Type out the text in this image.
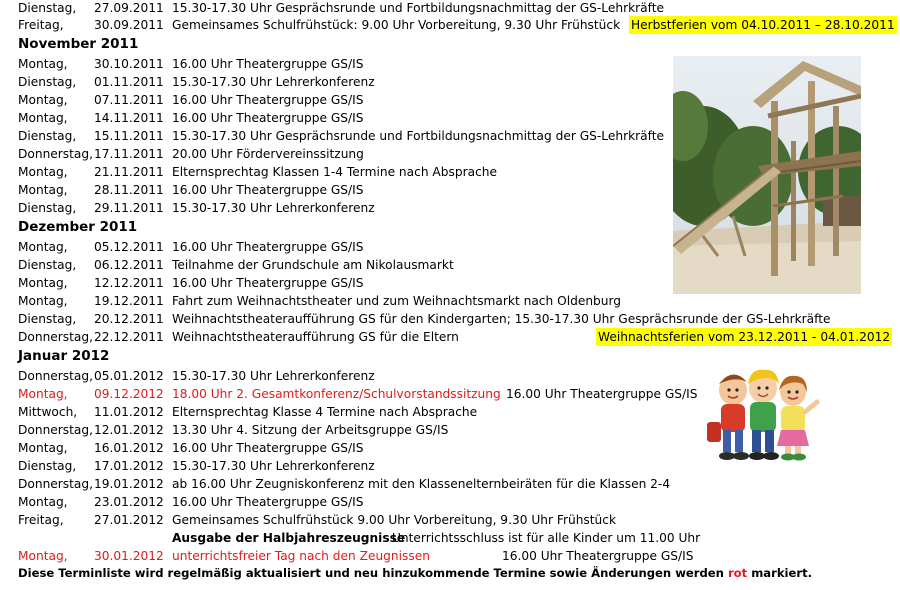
Dienstag, 27.09.2011 15.30-17.30 Uhr Gesprächsrunde und Fortbildungsnachmittag der GS-Lehrkräfte
Freitag, 30.09.2011 Gemeinsames Schulfrühstück: 9.00 Uhr Vorbereitung, 9.30 Uhr Frühstück Herbstferien vom 04.10.2011 – 28.10.2011
November 2011
Montag, 30.10.2011 16.00 Uhr Theatergruppe GS/IS
Dienstag, 01.11.2011 15.30-17.30 Uhr Lehrerkonferenz
Montag, 07.11.2011 16.00 Uhr Theatergruppe GS/IS
Montag, 14.11.2011 16.00 Uhr Theatergruppe GS/IS
Dienstag, 15.11.2011 15.30-17.30 Uhr Gesprächsrunde und Fortbildungsnachmittag der GS-Lehrkräfte
Donnerstag, 17.11.2011 20.00 Uhr Fördervereinssitzung
Montag, 21.11.2011 Elternsprechtag Klassen 1-4 Termine nach Absprache
Montag, 28.11.2011 16.00 Uhr Theatergruppe GS/IS
Dienstag, 29.11.2011 15.30-17.30 Uhr Lehrerkonferenz
Dezember 2011
Montag, 05.12.2011 16.00 Uhr Theatergruppe GS/IS
Dienstag, 06.12.2011 Teilnahme der Grundschule am Nikolausmarkt
Montag, 12.12.2011 16.00 Uhr Theatergruppe GS/IS
Montag, 19.12.2011 Fahrt zum Weihnachtstheater und zum Weihnachtsmarkt nach Oldenburg
Dienstag, 20.12.2011 Weihnachtstheateraufführung GS für den Kindergarten; 15.30-17.30 Uhr Gesprächsrunde der GS-Lehrkräfte
Donnerstag, 22.12.2011 Weihnachtstheateraufführung GS für die Eltern	Weihnachtsferien vom 23.12.2011 - 04.01.2012
Januar 2012
Donnerstag, 05.01.2012 15.30-17.30 Uhr Lehrerkonferenz
Montag, 09.12.2012 18.00 Uhr 2. Gesamtkonferenz/Schulvorstandssitzung 16.00 Uhr Theatergruppe GS/IS
Mittwoch, 11.01.2012 Elternsprechtag Klasse 4 Termine nach Absprache
Donnerstag, 12.01.2012 13.30 Uhr 4. Sitzung der Arbeitsgruppe GS/IS
Montag, 16.01.2012 16.00 Uhr Theatergruppe GS/IS
Dienstag, 17.01.2012 15.30-17.30 Uhr Lehrerkonferenz
Donnerstag, 19.01.2012 ab 16.00 Uhr Zeugniskonferenz mit den Klassenelternbeiräten für die Klassen 2-4
Montag, 23.01.2012 16.00 Uhr Theatergruppe GS/IS
Freitag, 27.01.2012 Gemeinsames Schulfrühstück 9.00 Uhr Vorbereitung, 9.30 Uhr Frühstück
Ausgabe der Halbjahreszeugnisse
Unterrichtsschluss ist für alle Kinder um 11.00 Uhr
Montag, 30.01.2012 unterrichtsfreier Tag nach den Zeugnissen	16.00 Uhr Theatergruppe GS/IS
Diese Terminliste wird regelmäßig aktualisiert und neu hinzukommende Termine sowie Änderungen werden rot markiert.
